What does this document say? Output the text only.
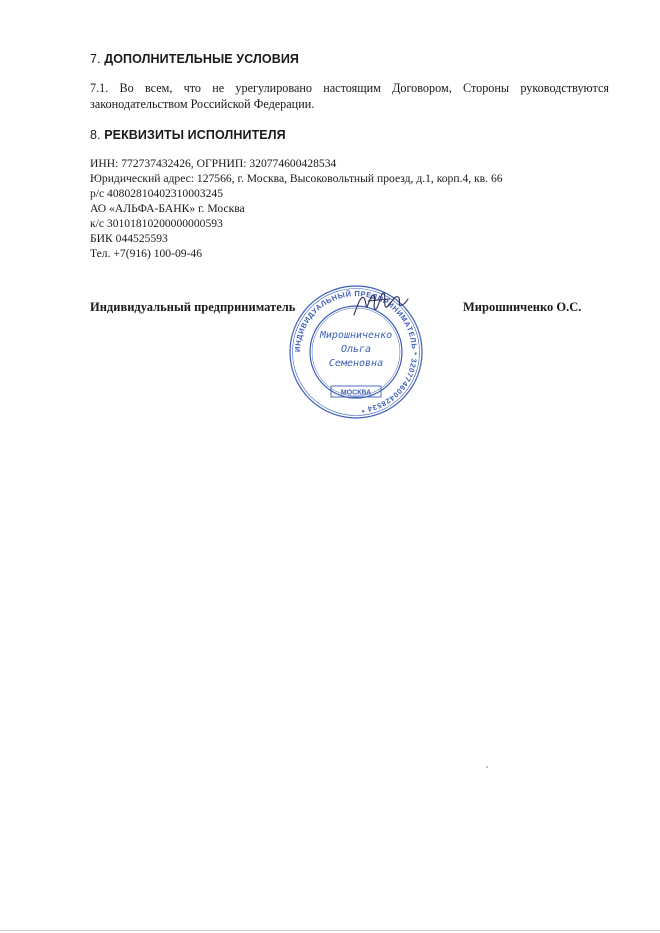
7. ДОПОЛНИТЕЛЬНЫЕ УСЛОВИЯ
7.1. Во всем, что не урегулировано настоящим Договором, Стороны руководствуются законодательством Российской Федерации.
8. РЕКВИЗИТЫ ИСПОЛНИТЕЛЯ
ИНН: 772737432426, ОГРНИП: 320774600428534
Юридический адрес: 127566, г. Москва, Высоковольтный проезд, д.1, корп.4, кв. 66
р/с 40802810402310003245
АО «АЛЬФА-БАНК» г. Москва
к/с 30101810200000000593
БИК 044525593
Тел. +7(916) 100-09-46
Индивидуальный предприниматель
ИНДИВИДУАЛЬНЫЙ ПРЕДПРИНИМАТЕЛЬ * 320774600428534 *
МОСКВА
Мирошниченко
Ольга
Семеновна
Мирошниченко О.С.
